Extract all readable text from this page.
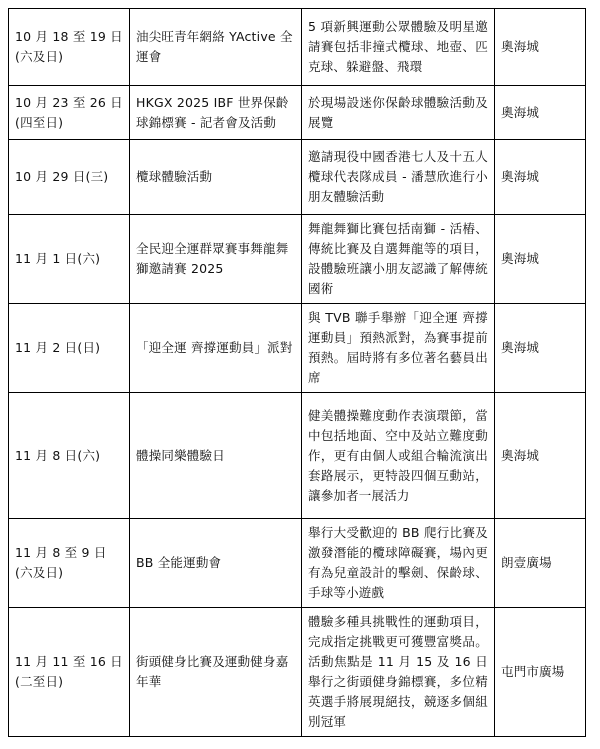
10 月 18 至 19 日 (六及日)	油尖旺青年網絡 YActive 全運會	5 項新興運動公眾體驗及明星邀請賽包括非撞式欖球、地壺、匹克球、躲避盤、飛環	奧海城
10 月 23 至 26 日 (四至日)	HKGX 2025 IBF 世界保齡球錦標賽 - 記者會及活動	於現場設迷你保齡球體驗活動及展覽	奧海城
10 月 29 日(三)	欖球體驗活動	邀請現役中國香港七人及十五人欖球代表隊成員 - 潘慧欣進行小朋友體驗活動	奧海城
11 月 1 日(六)	全民迎全運群眾賽事舞龍舞獅邀請賽 2025	舞龍舞獅比賽包括南獅 - 活樁、傳統比賽及自選舞龍等的項目，設體驗班讓小朋友認識了解傳統國術	奧海城
11 月 2 日(日)	「迎全運 齊撐運動員」派對	與 TVB 聯手舉辦「迎全運 齊撐運動員」預熱派對，為賽事提前預熱。屆時將有多位著名藝員出席	奧海城
11 月 8 日(六)	體操同樂體驗日	健美體操難度動作表演環節，當中包括地面、空中及站立難度動作，更有由個人或組合輪流演出套路展示，更特設四個互動站，讓參加者一展活力	奧海城
11 月 8 至 9 日 (六及日)	BB 全能運動會	舉行大受歡迎的 BB 爬行比賽及激發潛能的欖球障礙賽，場內更有為兒童設計的擊劍、保齡球、手球等小遊戲	朗壹廣場
11 月 11 至 16 日 (二至日)	街頭健身比賽及運動健身嘉年華	體驗多種具挑戰性的運動項目，完成指定挑戰更可獲豐富獎品。活動焦點是 11 月 15 及 16 日舉行之街頭健身錦標賽，多位精英選手將展現絕技，競逐多個組別冠軍	屯門市廣場
